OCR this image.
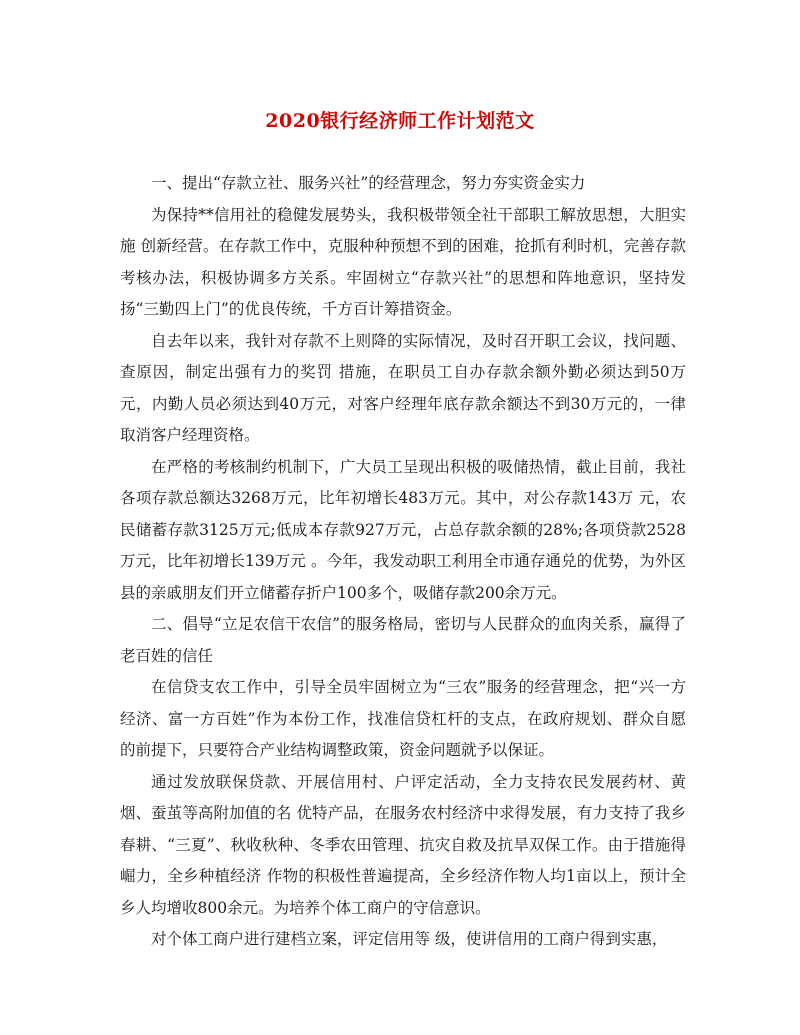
2020银行经济师工作计划范文

一、提出“存款立社、服务兴社”的经营理念，努力夯实资金实力

为保持**信用社的稳健发展势头，我积极带领全社干部职工解放思想，大胆实施 创新经营。在存款工作中，克服种种预想不到的困难，抢抓有利时机，完善存款考核办法，积极协调多方关系。牢固树立“存款兴社”的思想和阵地意识，坚持发 扬“三勤四上门”的优良传统，千方百计筹措资金。

自去年以来，我针对存款不上则降的实际情况，及时召开职工会议，找问题、查原因，制定出强有力的奖罚 措施，在职员工自办存款余额外勤必须达到50万元，内勤人员必须达到40万元，对客户经理年底存款余额达不到30万元的，一律取消客户经理资格。

在严格的考核制约机制下，广大员工呈现出积极的吸储热情，截止目前，我社各项存款总额达3268万元，比年初增长483万元。其中，对公存款143万 元，农民储蓄存款3125万元;低成本存款927万元，占总存款余额的28%;各项贷款2528万元，比年初增长139万元 。今年，我发动职工利用全市通存通兑的优势，为外区县的亲戚朋友们开立储蓄存折户100多个，吸储存款200余万元。

二、倡导“立足农信干农信”的服务格局，密切与人民群众的血肉关系，赢得了老百姓的信任

在信贷支农工作中，引导全员牢固树立为“三农”服务的经营理念，把“兴一方经济、富一方百姓”作为本份工作，找准信贷杠杆的支点，在政府规划、群众自愿 的前提下，只要符合产业结构调整政策，资金问题就予以保证。

通过发放联保贷款、开展信用村、户评定活动，全力支持农民发展药材、黄烟、蚕茧等高附加值的名 优特产品，在服务农村经济中求得发展，有力支持了我乡春耕、“三夏”、秋收秋种、冬季农田管理、抗灾自救及抗旱双保工作。由于措施得崛力，全乡种植经济 作物的积极性普遍提高，全乡经济作物人均1亩以上，预计全乡人均增收800余元。为培养个体工商户的守信意识。

对个体工商户进行建档立案，评定信用等 级，使讲信用的工商户得到实惠，
